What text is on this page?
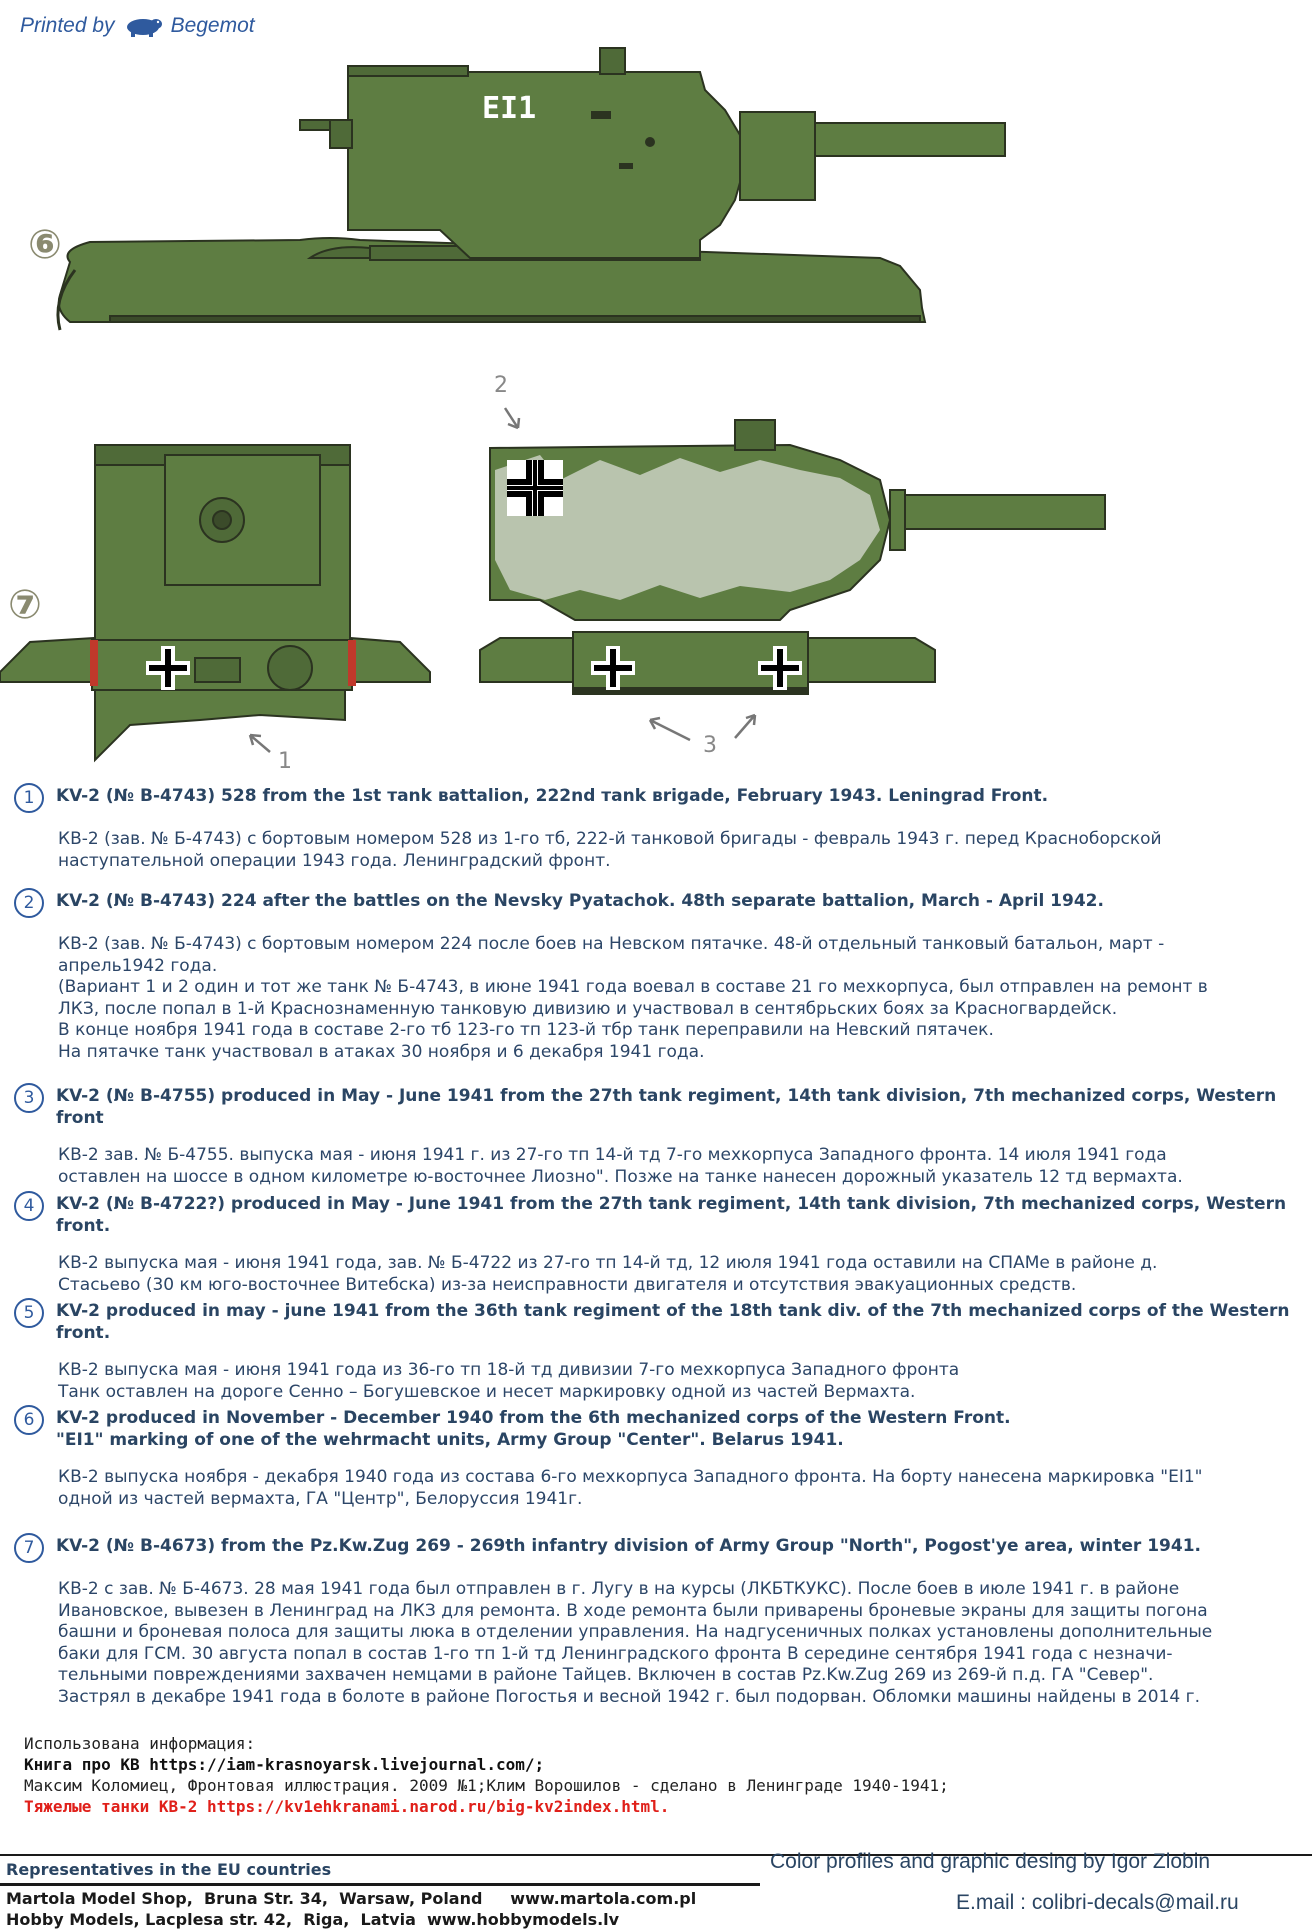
Printed by	Begemot
EI1
1
2
3
⑥
⑦
1	KV-2 (№ B-4743) 528 from the 1st тank вattalion, 222nd тank вrigade, February 1943. Leningrad Front.
КВ-2 (зав. № Б-4743) с бортовым номером 528 из 1-го тб, 222-й танковой бригады - февраль 1943 г. перед Красноборской
наступательной операции 1943 года. Ленинградский фронт.
2	KV-2 (№ B-4743) 224 after the battles on the Nevsky Pyatachok. 48th separate battalion, March - April 1942.
КВ-2 (зав. № Б-4743) с бортовым номером 224 после боев на Невском пятачке. 48-й отдельный танковый батальон, март -
апрель1942 года.
(Вариант 1 и 2 один и тот же танк № Б-4743, в июне 1941 года воевал в составе 21 го мехкорпуса, был отправлен на ремонт в
ЛКЗ, после попал в 1-й Краснознаменную танковую дивизию и участвовал в сентябрьских боях за Красногвардейск.
В конце ноября 1941 года в составе 2-го тб 123-го тп 123-й тбр танк переправили на Невский пятачек.
На пятачке танк участвовал в атаках 30 ноября и 6 декабря 1941 года.
3	KV-2 (№ B-4755) produced in May - June 1941 from the 27th tank regiment, 14th tank division, 7th mechanized corps, Western front
КВ-2 зав. № Б-4755. выпуска мая - июня 1941 г. из 27-го тп 14-й тд 7-го мехкорпуса Западного фронта. 14 июля 1941 года
оставлен на шоссе в одном километре ю-восточнее Лиозно". Позже на танке нанесен дорожный указатель 12 тд вермахта.
4	KV-2 (№ B-4722?) produced in May - June 1941 from the 27th tank regiment, 14th tank division, 7th mechanized corps, Western front.
КВ-2 выпуска мая - июня 1941 года, зав. № Б-4722 из 27-го тп 14-й тд, 12 июля 1941 года оставили на СПАМе в районе д.
Стасьево (30 км юго-восточнее Витебска) из-за неисправности двигателя и отсутствия эвакуационных средств.
5	KV-2 produced in may - june 1941 from the 36th tank regiment of the 18th tank div. of the 7th mechanized corps of the Western front.
КВ-2 выпуска мая - июня 1941 года из 36-го тп 18-й тд дивизии 7-го мехкорпуса Западного фронта
Танк оставлен на дороге Сенно – Богушевское и несет маркировку одной из частей Вермахта.
6	KV-2 produced in November - December 1940 from the 6th mechanized corps of the Western Front.
"EI1" marking of one of the wehrmacht units, Army Group "Center". Belarus 1941.
КВ-2 выпуска ноября - декабря 1940 года из состава 6-го мехкорпуса Западного фронта. На борту нанесена маркировка "EI1"
одной из частей вермахта, ГА "Центр", Белоруссия 1941г.
7	KV-2 (№ B-4673) from the Pz.Kw.Zug 269 - 269th infantry division of Army Group "North", Pogost'ye area, winter 1941.
КВ-2 с зав. № Б-4673. 28 мая 1941 года был отправлен в г. Лугу в на курсы (ЛКБТКУКС). После боев в июле 1941 г. в районе
Ивановское, вывезен в Ленинград на ЛКЗ для ремонта. В ходе ремонта были приварены броневые экраны для защиты погона
башни и броневая полоса для защиты люка в отделении управления. На надгусеничных полках установлены дополнительные
баки для ГСМ. 30 августа попал в состав 1-го тп 1-й тд Ленинградского фронта В середине сентября 1941 года с незначи-
тельными повреждениями захвачен немцами в районе Тайцев. Включен в состав Pz.Kw.Zug 269 из 269-й п.д. ГА "Север".
Застрял в декабре 1941 года в болоте в районе Погостья и весной 1942 г. был подорван. Обломки машины найдены в 2014 г.
Использована информация:
Книга про КВ https://iam-krasnoyarsk.livejournal.com/;
Максим Коломиец, Фронтовая иллюстрация. 2009 №1;Клим Ворошилов - сделано в Ленинграде 1940-1941;
Тяжелые танки КВ-2 https://kv1ehkranami.narod.ru/big-kv2index.html.
Representatives in the EU countries	Color profiles and graphic desing by Igor Zlobin
Martola Model Shop,  Bruna Str. 34,  Warsaw, Poland     www.martola.com.pl
Hobby Models, Lacplesa str. 42,  Riga,  Latvia  www.hobbymodels.lv
E.mail : colibri-decals@mail.ru
